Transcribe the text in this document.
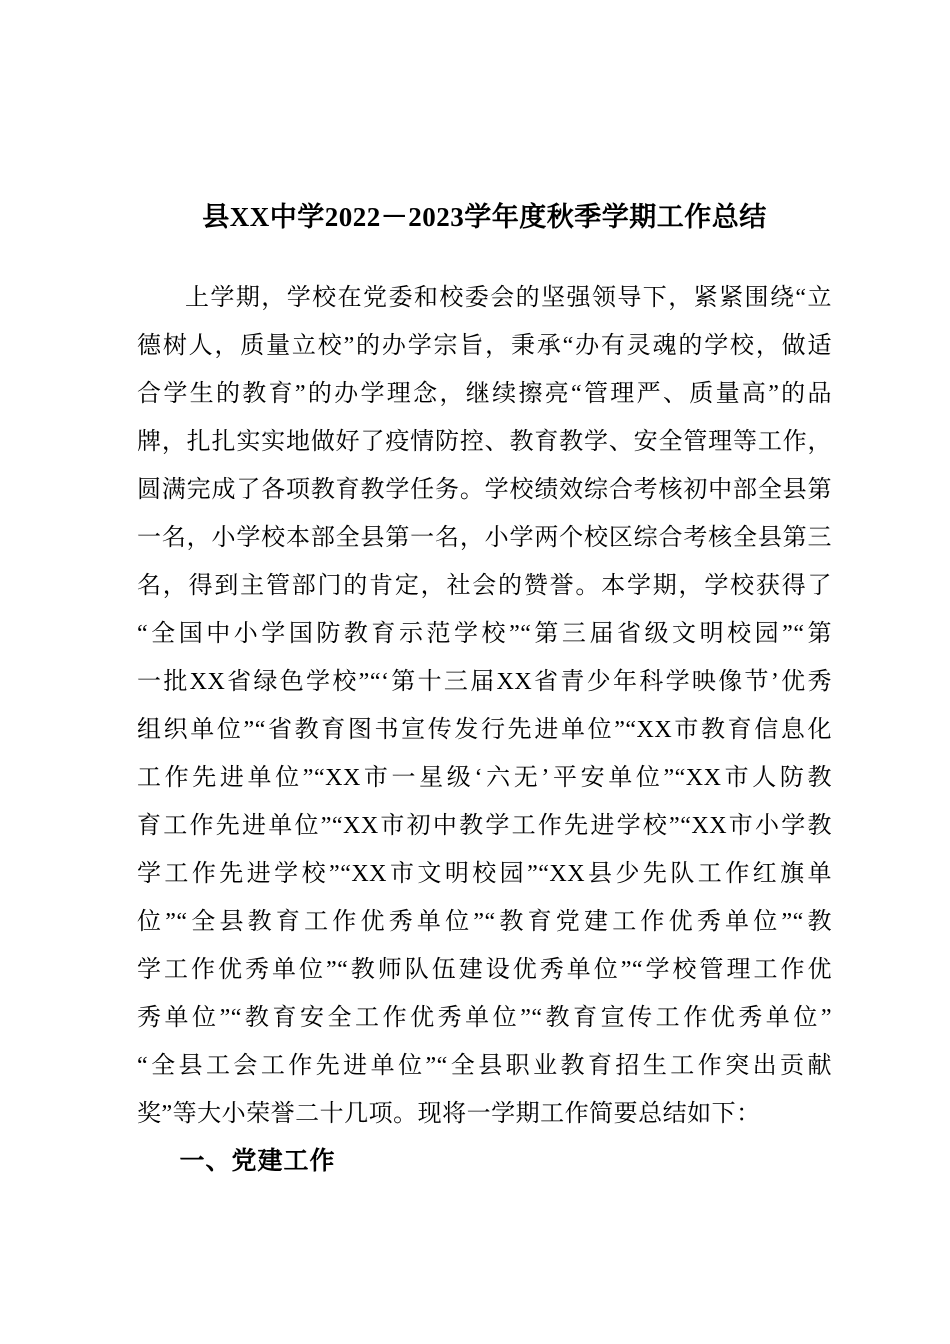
县XX中学2022－2023学年度秋季学期工作总结
上学期，学校在党委和校委会的坚强领导下，紧紧围绕“立
德树人，质量立校”的办学宗旨，秉承“办有灵魂的学校，做适
合学生的教育”的办学理念，继续擦亮“管理严、质量高”的品
牌，扎扎实实地做好了疫情防控、教育教学、安全管理等工作，
圆满完成了各项教育教学任务。学校绩效综合考核初中部全县第
一名，小学校本部全县第一名，小学两个校区综合考核全县第三
名，得到主管部门的肯定，社会的赞誉。本学期，学校获得了
“全国中小学国防教育示范学校”“第三届省级文明校园”“第
一批XX省绿色学校”“‘第十三届XX省青少年科学映像节’优秀
组织单位”“省教育图书宣传发行先进单位”“XX市教育信息化
工作先进单位”“XX市一星级‘六无’平安单位”“XX市人防教
育工作先进单位”“XX市初中教学工作先进学校”“XX市小学教
学工作先进学校”“XX市文明校园”“XX县少先队工作红旗单
位”“全县教育工作优秀单位”“教育党建工作优秀单位”“教
学工作优秀单位”“教师队伍建设优秀单位”“学校管理工作优
秀单位”“教育安全工作优秀单位”“教育宣传工作优秀单位”
“全县工会工作先进单位”“全县职业教育招生工作突出贡献
奖”等大小荣誉二十几项。现将一学期工作简要总结如下：
一、党建工作
